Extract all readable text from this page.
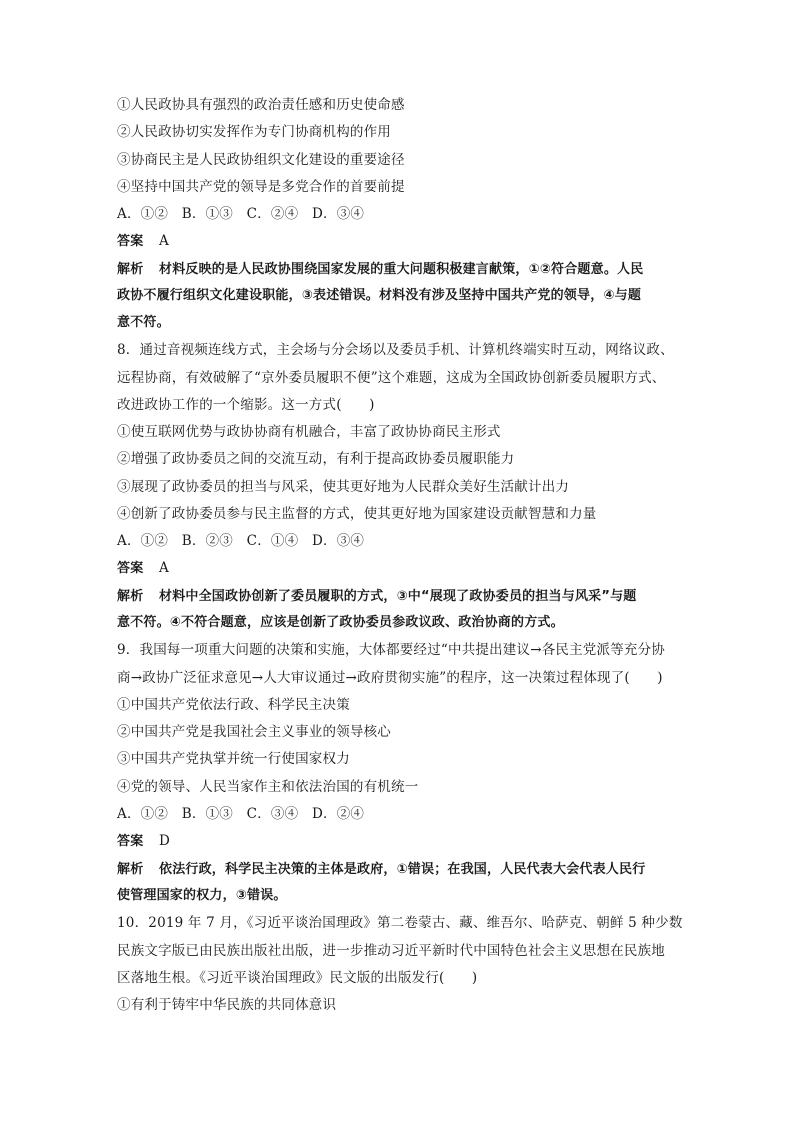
①人民政协具有强烈的政治责任感和历史使命感
②人民政协切实发挥作为专门协商机构的作用
③协商民主是人民政协组织文化建设的重要途径
④坚持中国共产党的领导是多党合作的首要前提
A．①②　B．①③　C．②④　D．③④
答案 A
解析 材料反映的是人民政协围绕国家发展的重大问题积极建言献策，①②符合题意。人民
政协不履行组织文化建设职能，③表述错误。材料没有涉及坚持中国共产党的领导，④与题
意不符。
8．通过音视频连线方式，主会场与分会场以及委员手机、计算机终端实时互动，网络议政、
远程协商，有效破解了“京外委员履职不便”这个难题，这成为全国政协创新委员履职方式、
改进政协工作的一个缩影。这一方式(　　)
①使互联网优势与政协协商有机融合，丰富了政协协商民主形式
②增强了政协委员之间的交流互动，有利于提高政协委员履职能力
③展现了政协委员的担当与风采，使其更好地为人民群众美好生活献计出力
④创新了政协委员参与民主监督的方式，使其更好地为国家建设贡献智慧和力量
A．①②　B．②③　C．①④　D．③④
答案 A
解析 材料中全国政协创新了委员履职的方式，③中“展现了政协委员的担当与风采”与题
意不符。④不符合题意，应该是创新了政协委员参政议政、政治协商的方式。
9．我国每一项重大问题的决策和实施，大体都要经过“中共提出建议→各民主党派等充分协
商→政协广泛征求意见→人大审议通过→政府贯彻实施”的程序，这一决策过程体现了(　　)
①中国共产党依法行政、科学民主决策
②中国共产党是我国社会主义事业的领导核心
③中国共产党执掌并统一行使国家权力
④党的领导、人民当家作主和依法治国的有机统一
A．①②　B．①③　C．③④　D．②④
答案 D
解析 依法行政，科学民主决策的主体是政府，①错误；在我国，人民代表大会代表人民行
使管理国家的权力，③错误。
10．2019 年 7 月，《习近平谈治国理政》第二卷蒙古、藏、维吾尔、哈萨克、朝鲜 5 种少数
民族文字版已由民族出版社出版，进一步推动习近平新时代中国特色社会主义思想在民族地
区落地生根。《习近平谈治国理政》民文版的出版发行(　　)
①有利于铸牢中华民族的共同体意识
